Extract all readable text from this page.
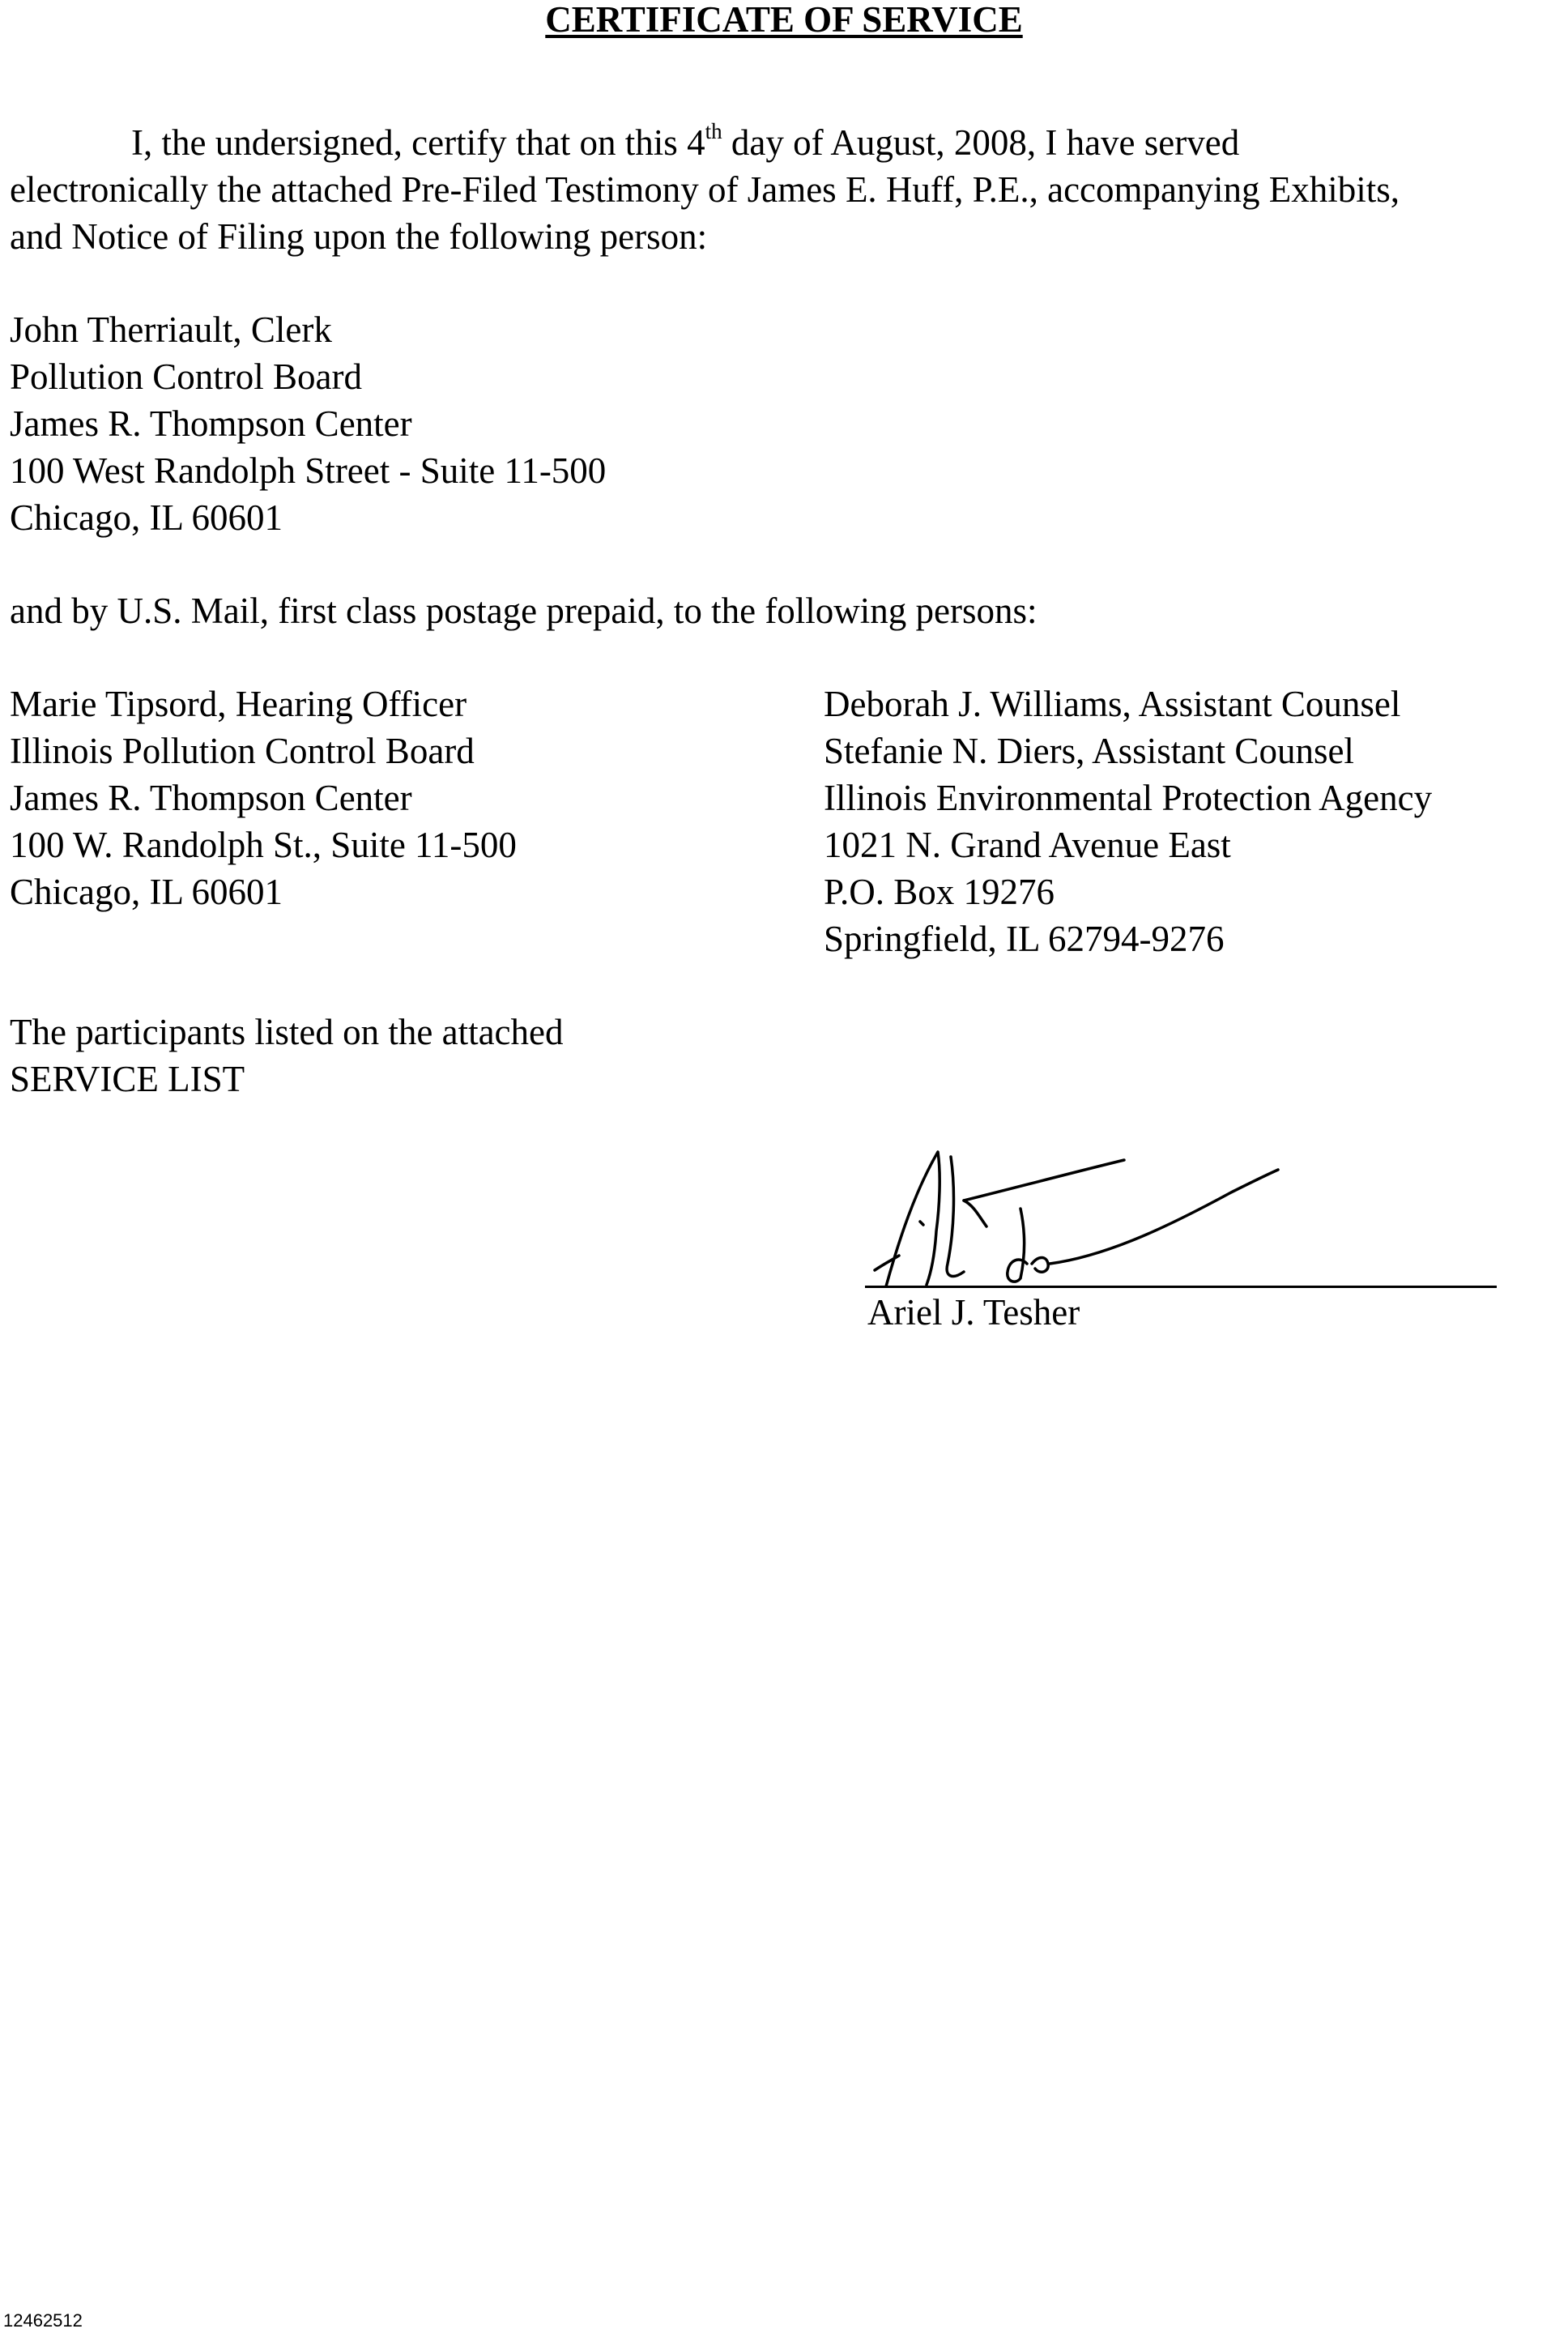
CERTIFICATE OF SERVICE
I, the undersigned, certify that on this 4th day of August, 2008, I have served
electronically the attached Pre-Filed Testimony of James E. Huff, P.E., accompanying Exhibits,
and Notice of Filing upon the following person:
John Therriault, Clerk
Pollution Control Board
James R. Thompson Center
100 West Randolph Street - Suite 11-500
Chicago, IL 60601
and by U.S. Mail, first class postage prepaid, to the following persons:
Marie Tipsord, Hearing Officer
Illinois Pollution Control Board
James R. Thompson Center
100 W. Randolph St., Suite 11-500
Chicago, IL 60601
Deborah J. Williams, Assistant Counsel
Stefanie N. Diers, Assistant Counsel
Illinois Environmental Protection Agency
1021 N. Grand Avenue East
P.O. Box 19276
Springfield, IL 62794-9276
The participants listed on the attached
SERVICE LIST
Ariel J. Tesher
12462512
